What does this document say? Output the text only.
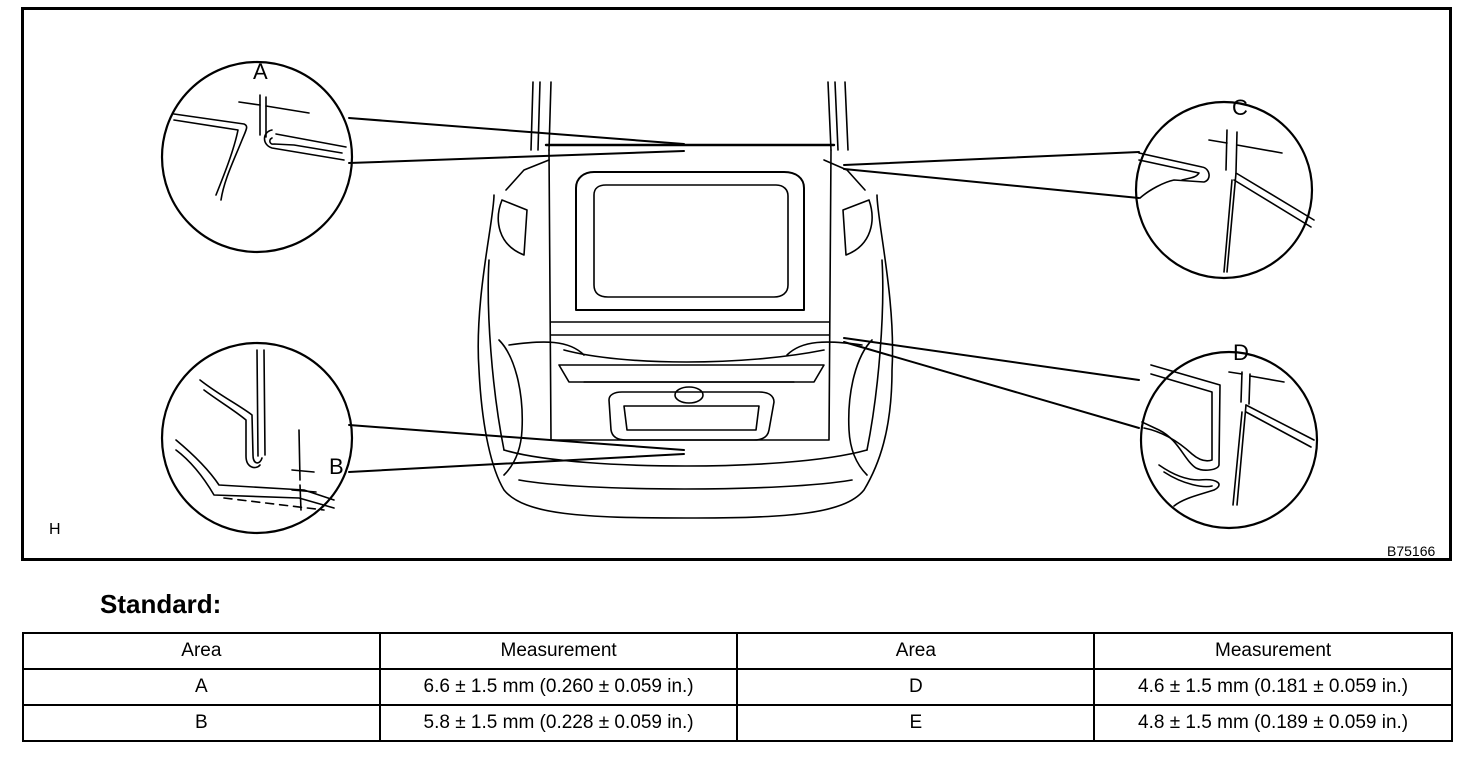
A
C
B
D
H
B75166
Standard:
Area	Measurement	Area	Measurement
A	6.6 ± 1.5 mm (0.260 ± 0.059 in.)	D	4.6 ± 1.5 mm (0.181 ± 0.059 in.)
B	5.8 ± 1.5 mm (0.228 ± 0.059 in.)	E	4.8 ± 1.5 mm (0.189 ± 0.059 in.)
